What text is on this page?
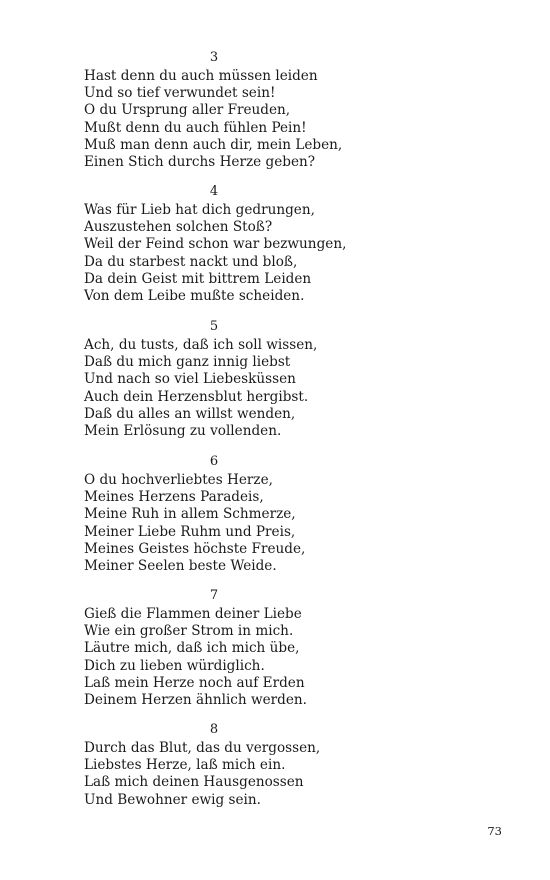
3
Hast denn du auch müssen leiden
Und so tief verwundet sein!
O du Ursprung aller Freuden,
Mußt denn du auch fühlen Pein!
Muß man denn auch dir, mein Leben,
Einen Stich durchs Herze geben?
4
Was für Lieb hat dich gedrungen,
Auszustehen solchen Stoß?
Weil der Feind schon war bezwungen,
Da du starbest nackt und bloß,
Da dein Geist mit bittrem Leiden
Von dem Leibe mußte scheiden.
5
Ach, du tusts, daß ich soll wissen,
Daß du mich ganz innig liebst
Und nach so viel Liebesküssen
Auch dein Herzensblut hergibst.
Daß du alles an willst wenden,
Mein Erlösung zu vollenden.
6
O du hochverliebtes Herze,
Meines Herzens Paradeis,
Meine Ruh in allem Schmerze,
Meiner Liebe Ruhm und Preis,
Meines Geistes höchste Freude,
Meiner Seelen beste Weide.
7
Gieß die Flammen deiner Liebe
Wie ein großer Strom in mich.
Läutre mich, daß ich mich übe,
Dich zu lieben würdiglich.
Laß mein Herze noch auf Erden
Deinem Herzen ähnlich werden.
8
Durch das Blut, das du vergossen,
Liebstes Herze, laß mich ein.
Laß mich deinen Hausgenossen
Und Bewohner ewig sein.
73
